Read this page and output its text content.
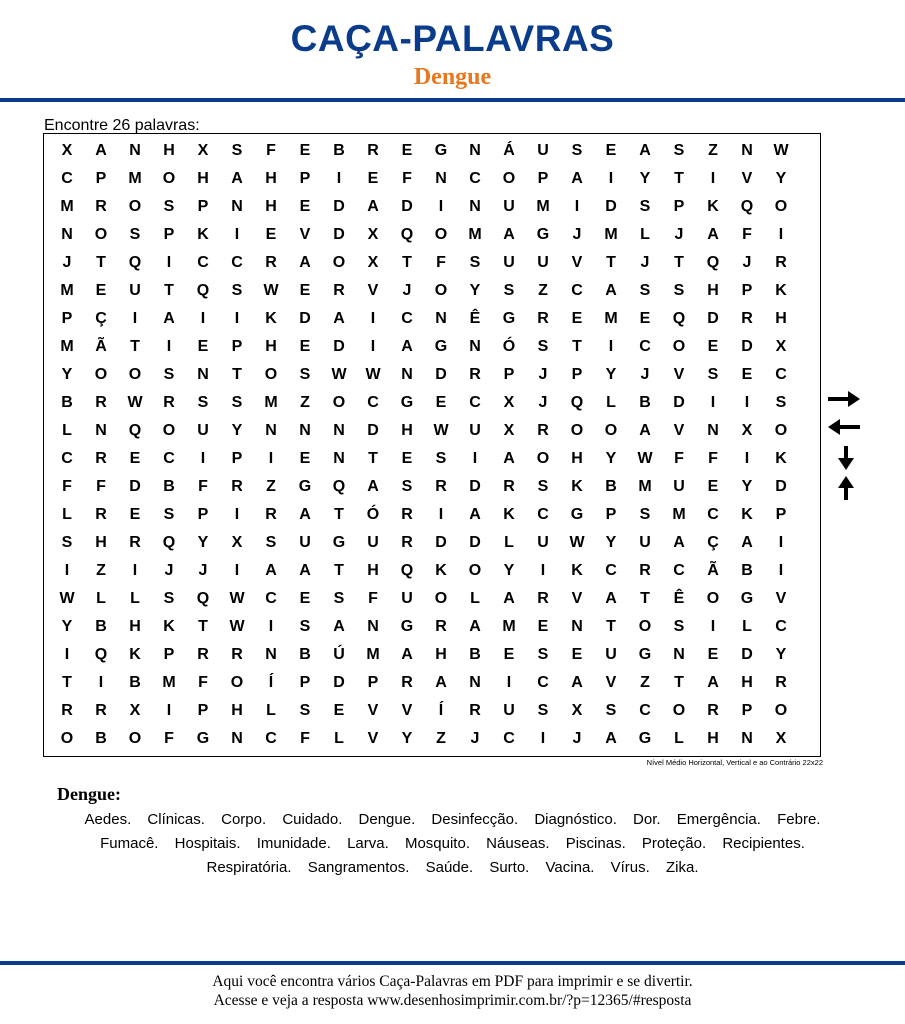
CAÇA-PALAVRAS
Dengue
Encontre 26 palavras:
X	A	N	H	X	S	F	E	B	R	E	G	N	Á	U	S	E	A	S	Z	N	W
C	P	M	O	H	A	H	P	I	E	F	N	C	O	P	A	I	Y	T	I	V	Y
M	R	O	S	P	N	H	E	D	A	D	I	N	U	M	I	D	S	P	K	Q	O
N	O	S	P	K	I	E	V	D	X	Q	O	M	A	G	J	M	L	J	A	F	I
J	T	Q	I	C	C	R	A	O	X	T	F	S	U	U	V	T	J	T	Q	J	R
M	E	U	T	Q	S	W	E	R	V	J	O	Y	S	Z	C	A	S	S	H	P	K
P	Ç	I	A	I	I	K	D	A	I	C	N	Ê	G	R	E	M	E	Q	D	R	H
M	Ã	T	I	E	P	H	E	D	I	A	G	N	Ó	S	T	I	C	O	E	D	X
Y	O	O	S	N	T	O	S	W	W	N	D	R	P	J	P	Y	J	V	S	E	C
B	R	W	R	S	S	M	Z	O	C	G	E	C	X	J	Q	L	B	D	I	I	S
L	N	Q	O	U	Y	N	N	N	D	H	W	U	X	R	O	O	A	V	N	X	O
C	R	E	C	I	P	I	E	N	T	E	S	I	A	O	H	Y	W	F	F	I	K
F	F	D	B	F	R	Z	G	Q	A	S	R	D	R	S	K	B	M	U	E	Y	D
L	R	E	S	P	I	R	A	T	Ó	R	I	A	K	C	G	P	S	M	C	K	P
S	H	R	Q	Y	X	S	U	G	U	R	D	D	L	U	W	Y	U	A	Ç	A	I
I	Z	I	J	J	I	A	A	T	H	Q	K	O	Y	I	K	C	R	C	Ã	B	I
W	L	L	S	Q	W	C	E	S	F	U	O	L	A	R	V	A	T	Ê	O	G	V
Y	B	H	K	T	W	I	S	A	N	G	R	A	M	E	N	T	O	S	I	L	C
I	Q	K	P	R	R	N	B	Ú	M	A	H	B	E	S	E	U	G	N	E	D	Y
T	I	B	M	F	O	Í	P	D	P	R	A	N	I	C	A	V	Z	T	A	H	R
R	R	X	I	P	H	L	S	E	V	V	Í	R	U	S	X	S	C	O	R	P	O
O	B	O	F	G	N	C	F	L	V	Y	Z	J	C	I	J	A	G	L	H	N	X
Nível Médio Horizontal, Vertical e ao Contrário 22x22
Dengue:
Aedes. Clínicas. Corpo. Cuidado. Dengue. Desinfecção. Diagnóstico. Dor. Emergência. Febre. Fumacê. Hospitais. Imunidade. Larva. Mosquito. Náuseas. Piscinas. Proteção. Recipientes. Respiratória. Sangramentos. Saúde. Surto. Vacina. Vírus. Zika.
Aqui você encontra vários Caça-Palavras em PDF para imprimir e se divertir.
Acesse e veja a resposta www.desenhosimprimir.com.br/?p=12365/#resposta
